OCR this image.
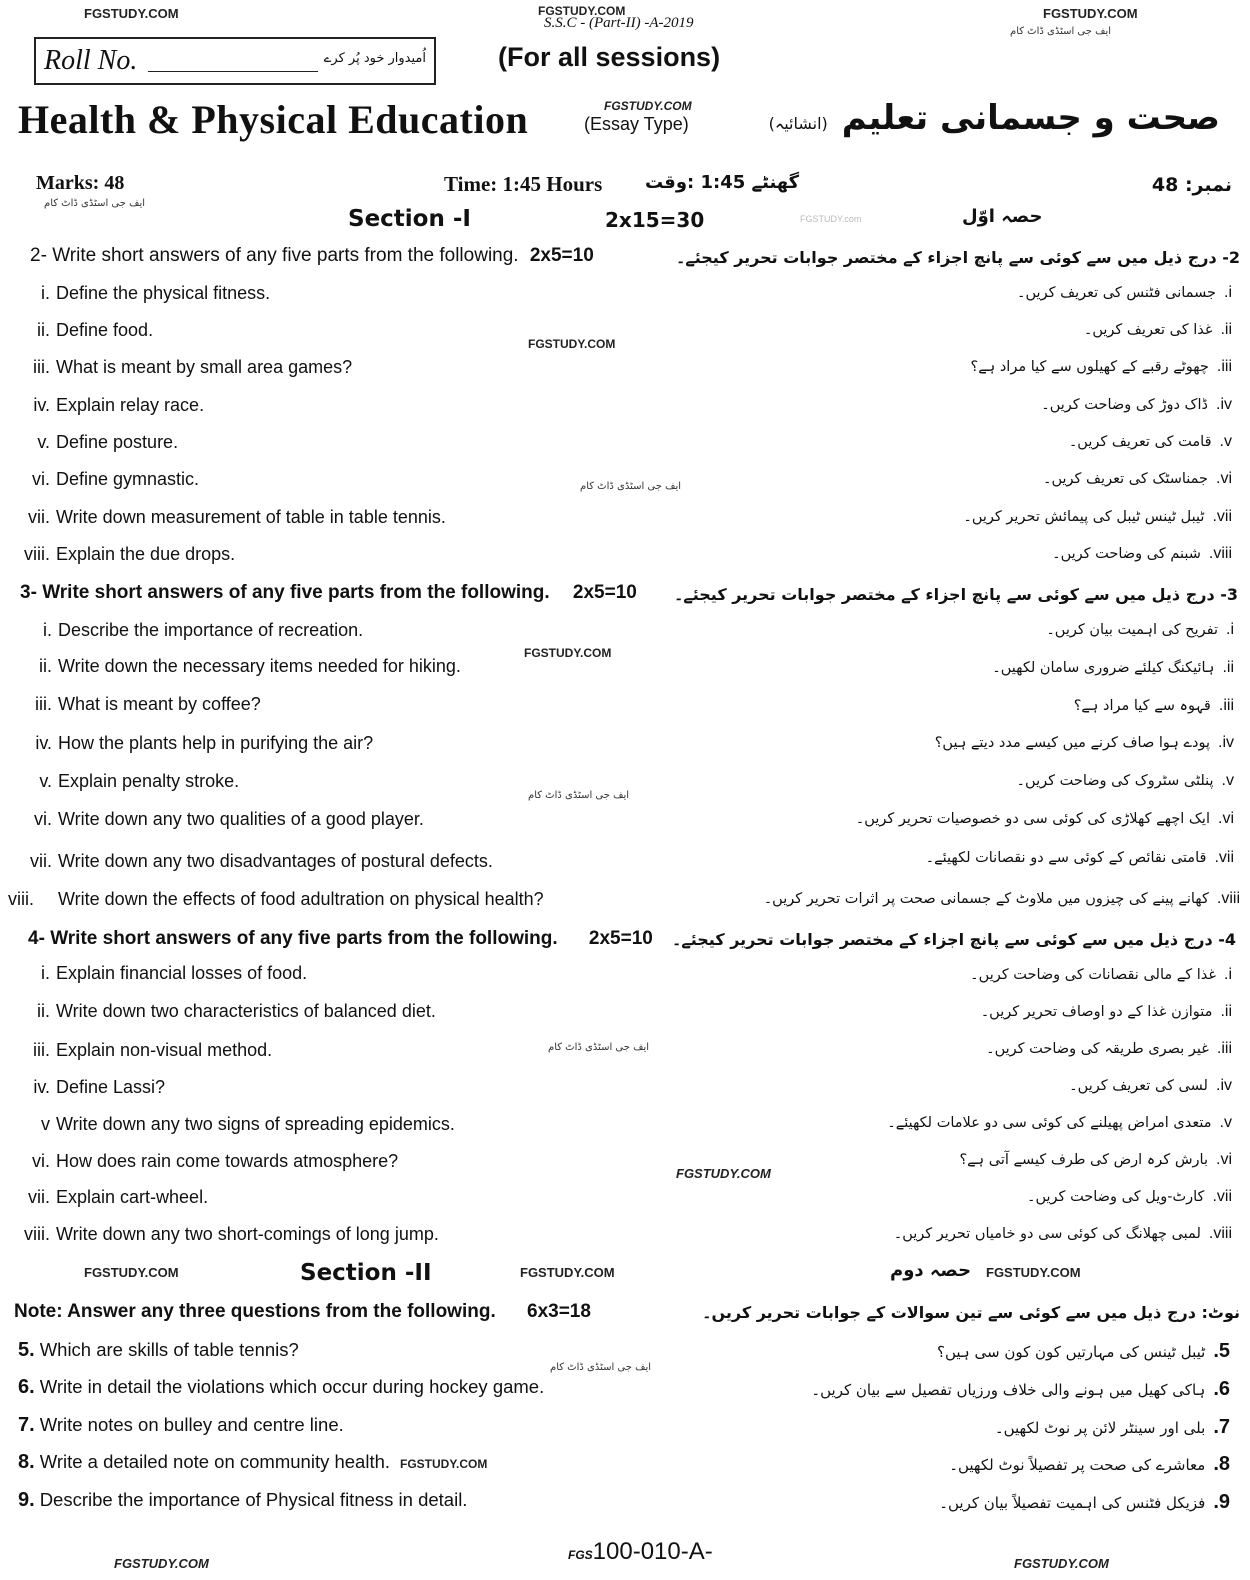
FGSTUDY.COM	FGSTUDY.COM
S.S.C - (Part-II) -A-2019
FGSTUDY.COM
ایف جی اسٹڈی ڈاٹ کام
Roll No.	اُمیدوار خود پُر کرے	(For all sessions)
Health & Physical Education	FGSTUDY.COM
(Essay Type)	صحت و جسمانی تعلیم(انشائیہ)
Marks: 48
ایف جی اسٹڈی ڈاٹ کام
Time: 1:45 Hours گھنٹے 1:45 :وقت	نمبر: 48
Section -I	2x15=30	FGSTUDY.com	حصہ اوّل
2- Write short answers of any five parts from the following. 2x5=10	2- درج ذیل میں سے کوئی سے پانچ اجزاء کے مختصر جوابات تحریر کیجئے۔
i. Define the physical fitness.
ii. Define food.
iii. What is meant by small area games?
iv. Explain relay race.
v. Define posture.
vi. Define gymnastic.
vii. Write down measurement of table in table tennis.
viii. Explain the due drops.
FGSTUDY.COM
ایف جی اسٹڈی ڈاٹ کام
i.جسمانی فٹنس کی تعریف کریں۔
ii.غذا کی تعریف کریں۔
iii.چھوٹے رقبے کے کھیلوں سے کیا مراد ہے؟
iv.ڈاک دوڑ کی وضاحت کریں۔
v.قامت کی تعریف کریں۔
vi.جمناسٹک کی تعریف کریں۔
vii.ٹیبل ٹینس ٹیبل کی پیمائش تحریر کریں۔
viii.شبنم کی وضاحت کریں۔
3- Write short answers of any five parts from the following. 2x5=10 3- درج ذیل میں سے کوئی سے پانچ اجزاء کے مختصر جوابات تحریر کیجئے۔
i. Describe the importance of recreation.
ii. Write down the necessary items needed for hiking.
iii. What is meant by coffee?
iv. How the plants help in purifying the air?
v. Explain penalty stroke.
vi. Write down any two qualities of a good player.
vii. Write down any two disadvantages of postural defects.
viii. Write down the effects of food adultration on physical health?
FGSTUDY.COM
ایف جی اسٹڈی ڈاٹ کام
i.تفریح کی اہمیت بیان کریں۔
ii.ہائیکنگ کیلئے ضروری سامان لکھیں۔
iii.قہوہ سے کیا مراد ہے؟
iv.پودے ہوا صاف کرنے میں کیسے مدد دیتے ہیں؟
v.پنلٹی سٹروک کی وضاحت کریں۔
vi.ایک اچھے کھلاڑی کی کوئی سی دو خصوصیات تحریر کریں۔
vii.قامتی نقائص کے کوئی سے دو نقصانات لکھیئے۔
viii.کھانے پینے کی چیزوں میں ملاوٹ کے جسمانی صحت پر اثرات تحریر کریں۔
4- Write short answers of any five parts from the following. 2x5=10 4- درج ذیل میں سے کوئی سے پانچ اجزاء کے مختصر جوابات تحریر کیجئے۔
i. Explain financial losses of food.
ii. Write down two characteristics of balanced diet.
iii. Explain non-visual method.
iv. Define Lassi?
v Write down any two signs of spreading epidemics.
vi. How does rain come towards atmosphere?
vii. Explain cart-wheel.
viii. Write down any two short-comings of long jump.
ایف جی اسٹڈی ڈاٹ کام
FGSTUDY.COM
i.غذا کے مالی نقصانات کی وضاحت کریں۔
ii.متوازن غذا کے دو اوصاف تحریر کریں۔
iii.غیر بصری طریقہ کی وضاحت کریں۔
iv.لسی کی تعریف کریں۔
v.متعدی امراض پھیلنے کی کوئی سی دو علامات لکھیئے۔
vi.بارش کرہ ارض کی طرف کیسے آتی ہے؟
vii.کارٹ-ویل کی وضاحت کریں۔
viii.لمبی چھلانگ کی کوئی سی دو خامیاں تحریر کریں۔
FGSTUDY.COM	Section -II	FGSTUDY.COM	حصہ دوم FGSTUDY.COM
Note: Answer any three questions from the following. 6x3=18	نوٹ: درج ذیل میں سے کوئی سے تین سوالات کے جوابات تحریر کریں۔
5. Which are skills of table tennis?
6. Write in detail the violations which occur during hockey game.
7. Write notes on bulley and centre line.
8. Write a detailed note on community health. FGSTUDY.COM
9. Describe the importance of Physical fitness in detail.
ایف جی اسٹڈی ڈاٹ کام
5.ٹیبل ٹینس کی مہارتیں کون کون سی ہیں؟
6.ہاکی کھیل میں ہونے والی خلاف ورزیاں تفصیل سے بیان کریں۔
7.بلی اور سینٹر لائن پر نوٹ لکھیں۔
8.معاشرے کی صحت پر تفصیلاً نوٹ لکھیں۔
9.فزیکل فٹنس کی اہمیت تفصیلاً بیان کریں۔
FGSTUDY.COM
FGS100-010-A-	FGSTUDY.COM
